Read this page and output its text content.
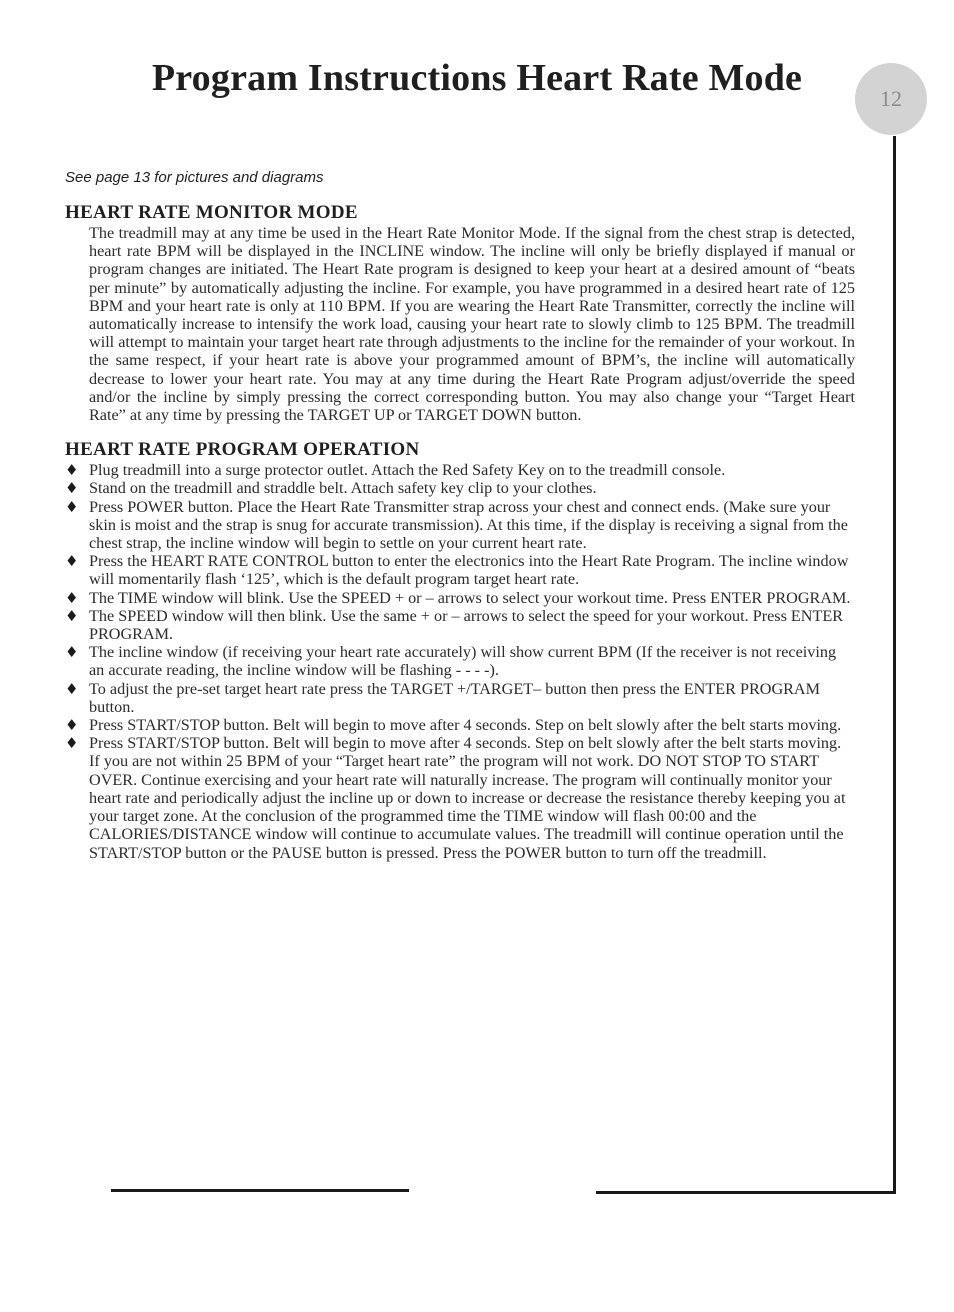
Program Instructions Heart Rate Mode	12
See page 13 for pictures and diagrams
HEART RATE MONITOR MODE

The treadmill may at any time be used in the Heart Rate Monitor Mode. If the signal from the chest strap is detected, heart rate BPM will be displayed in the INCLINE window. The incline will only be briefly displayed if manual or program changes are initiated. The Heart Rate program is designed to keep your heart at a desired amount of “beats per minute” by automatically adjusting the incline. For example, you have programmed in a desired heart rate of 125 BPM and your heart rate is only at 110 BPM. If you are wearing the Heart Rate Transmitter, correctly the incline will automatically increase to intensify the work load, causing your heart rate to slowly climb to 125 BPM. The treadmill will attempt to maintain your target heart rate through adjustments to the incline for the remainder of your workout. In the same respect, if your heart rate is above your programmed amount of BPM’s, the incline will automatically decrease to lower your heart rate. You may at any time during the Heart Rate Program adjust/override the speed and/or the incline by simply pressing the correct corresponding button. You may also change your “Target Heart Rate” at any time by pressing the TARGET UP or TARGET DOWN button.

HEART RATE PROGRAM OPERATION
♦ Plug treadmill into a surge protector outlet. Attach the Red Safety Key on to the treadmill console.
♦ Stand on the treadmill and straddle belt. Attach safety key clip to your clothes.
♦ Press POWER button. Place the Heart Rate Transmitter strap across your chest and connect ends. (Make sure your skin is moist and the strap is snug for accurate transmission). At this time, if the display is receiving a signal from the chest strap, the incline window will begin to settle on your current heart rate.
♦ Press the HEART RATE CONTROL button to enter the electronics into the Heart Rate Program. The incline window will momentarily flash ‘125’, which is the default program target heart rate.
♦ The TIME window will blink. Use the SPEED + or – arrows to select your workout time. Press ENTER PROGRAM.
♦ The SPEED window will then blink. Use the same + or – arrows to select the speed for your workout. Press ENTER PROGRAM.
♦ The incline window (if receiving your heart rate accurately) will show current BPM (If the receiver is not receiving an accurate reading, the incline window will be flashing - - - -).
♦ To adjust the pre-set target heart rate press the TARGET +/TARGET– button then press the ENTER PROGRAM button.
♦ Press START/STOP button. Belt will begin to move after 4 seconds. Step on belt slowly after the belt starts moving.
♦ Press START/STOP button. Belt will begin to move after 4 seconds. Step on belt slowly after the belt starts moving.

If you are not within 25 BPM of your “Target heart rate” the program will not work. DO NOT STOP TO START OVER. Continue exercising and your heart rate will naturally increase. The program will continually monitor your heart rate and periodically adjust the incline up or down to increase or decrease the resistance thereby keeping you at your target zone. At the conclusion of the programmed time the TIME window will flash 00:00 and the CALORIES/DISTANCE window will continue to accumulate values. The treadmill will continue operation until the START/STOP button or the PAUSE button is pressed. Press the POWER button to turn off the treadmill.
